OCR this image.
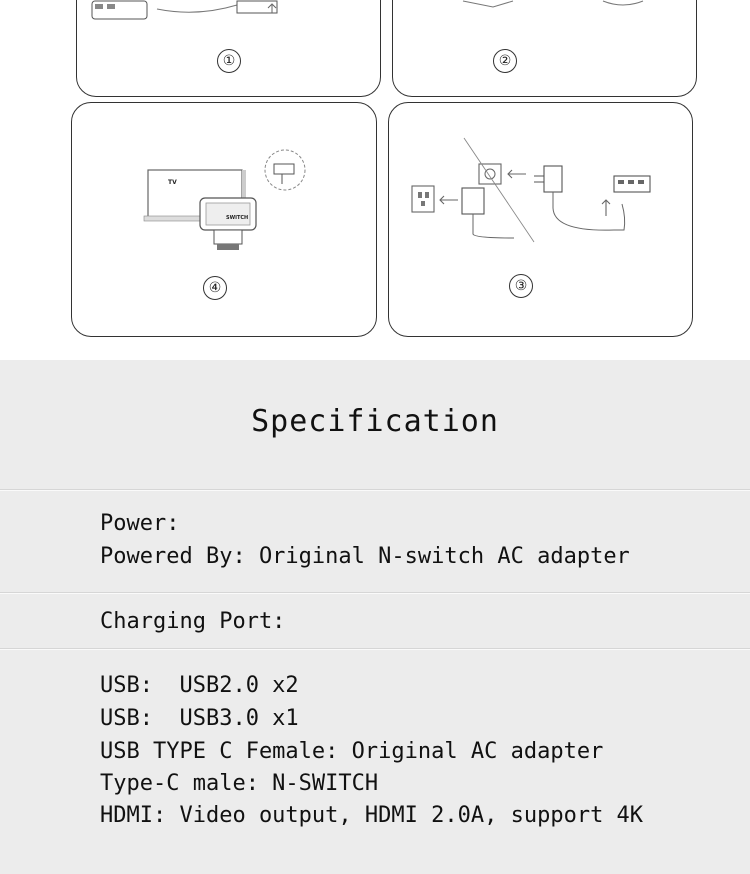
①	②
TV
SWITCH
④	③
Specification
Power:
Powered By: Original N-switch AC adapter
Charging Port:
USB:  USB2.0 x2
USB:  USB3.0 x1
USB TYPE C Female: Original AC adapter
Type-C male: N-SWITCH
HDMI: Video output, HDMI 2.0A, support 4K
